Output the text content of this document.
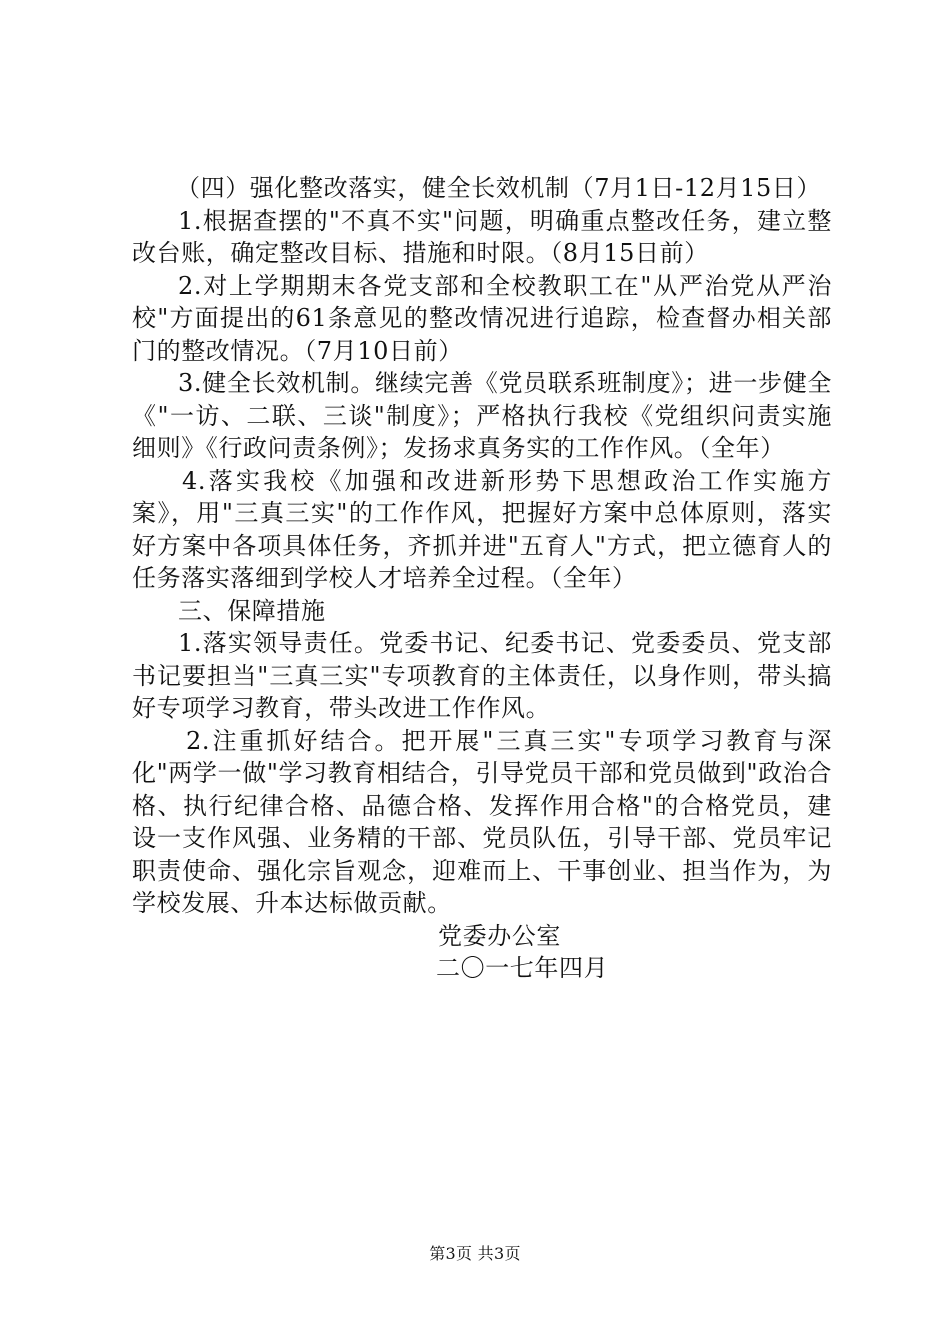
（四）强化整改落实，健全长效机制（7月1日-12月15日）

1.根据查摆的"不真不实"问题，明确重点整改任务，建立整改台账，确定整改目标、措施和时限。（8月15日前）

2.对上学期期末各党支部和全校教职工在"从严治党从严治校"方面提出的61条意见的整改情况进行追踪，检查督办相关部门的整改情况。（7月10日前）

3.健全长效机制。继续完善《党员联系班制度》；进一步健全《"一访、二联、三谈"制度》；严格执行我校《党组织问责实施细则》《行政问责条例》；发扬求真务实的工作作风。（全年）

4.落实我校《加强和改进新形势下思想政治工作实施方案》，用"三真三实"的工作作风，把握好方案中总体原则，落实好方案中各项具体任务，齐抓并进"五育人"方式，把立德育人的任务落实落细到学校人才培养全过程。（全年）

三、保障措施

1.落实领导责任。党委书记、纪委书记、党委委员、党支部书记要担当"三真三实"专项教育的主体责任，以身作则，带头搞好专项学习教育，带头改进工作作风。

2.注重抓好结合。把开展"三真三实"专项学习教育与深化"两学一做"学习教育相结合，引导党员干部和党员做到"政治合格、执行纪律合格、品德合格、发挥作用合格"的合格党员，建设一支作风强、业务精的干部、党员队伍，引导干部、党员牢记职责使命、强化宗旨观念，迎难而上、干事创业、担当作为，为学校发展、升本达标做贡献。

党委办公室

二〇一七年四月

第3页 共3页
